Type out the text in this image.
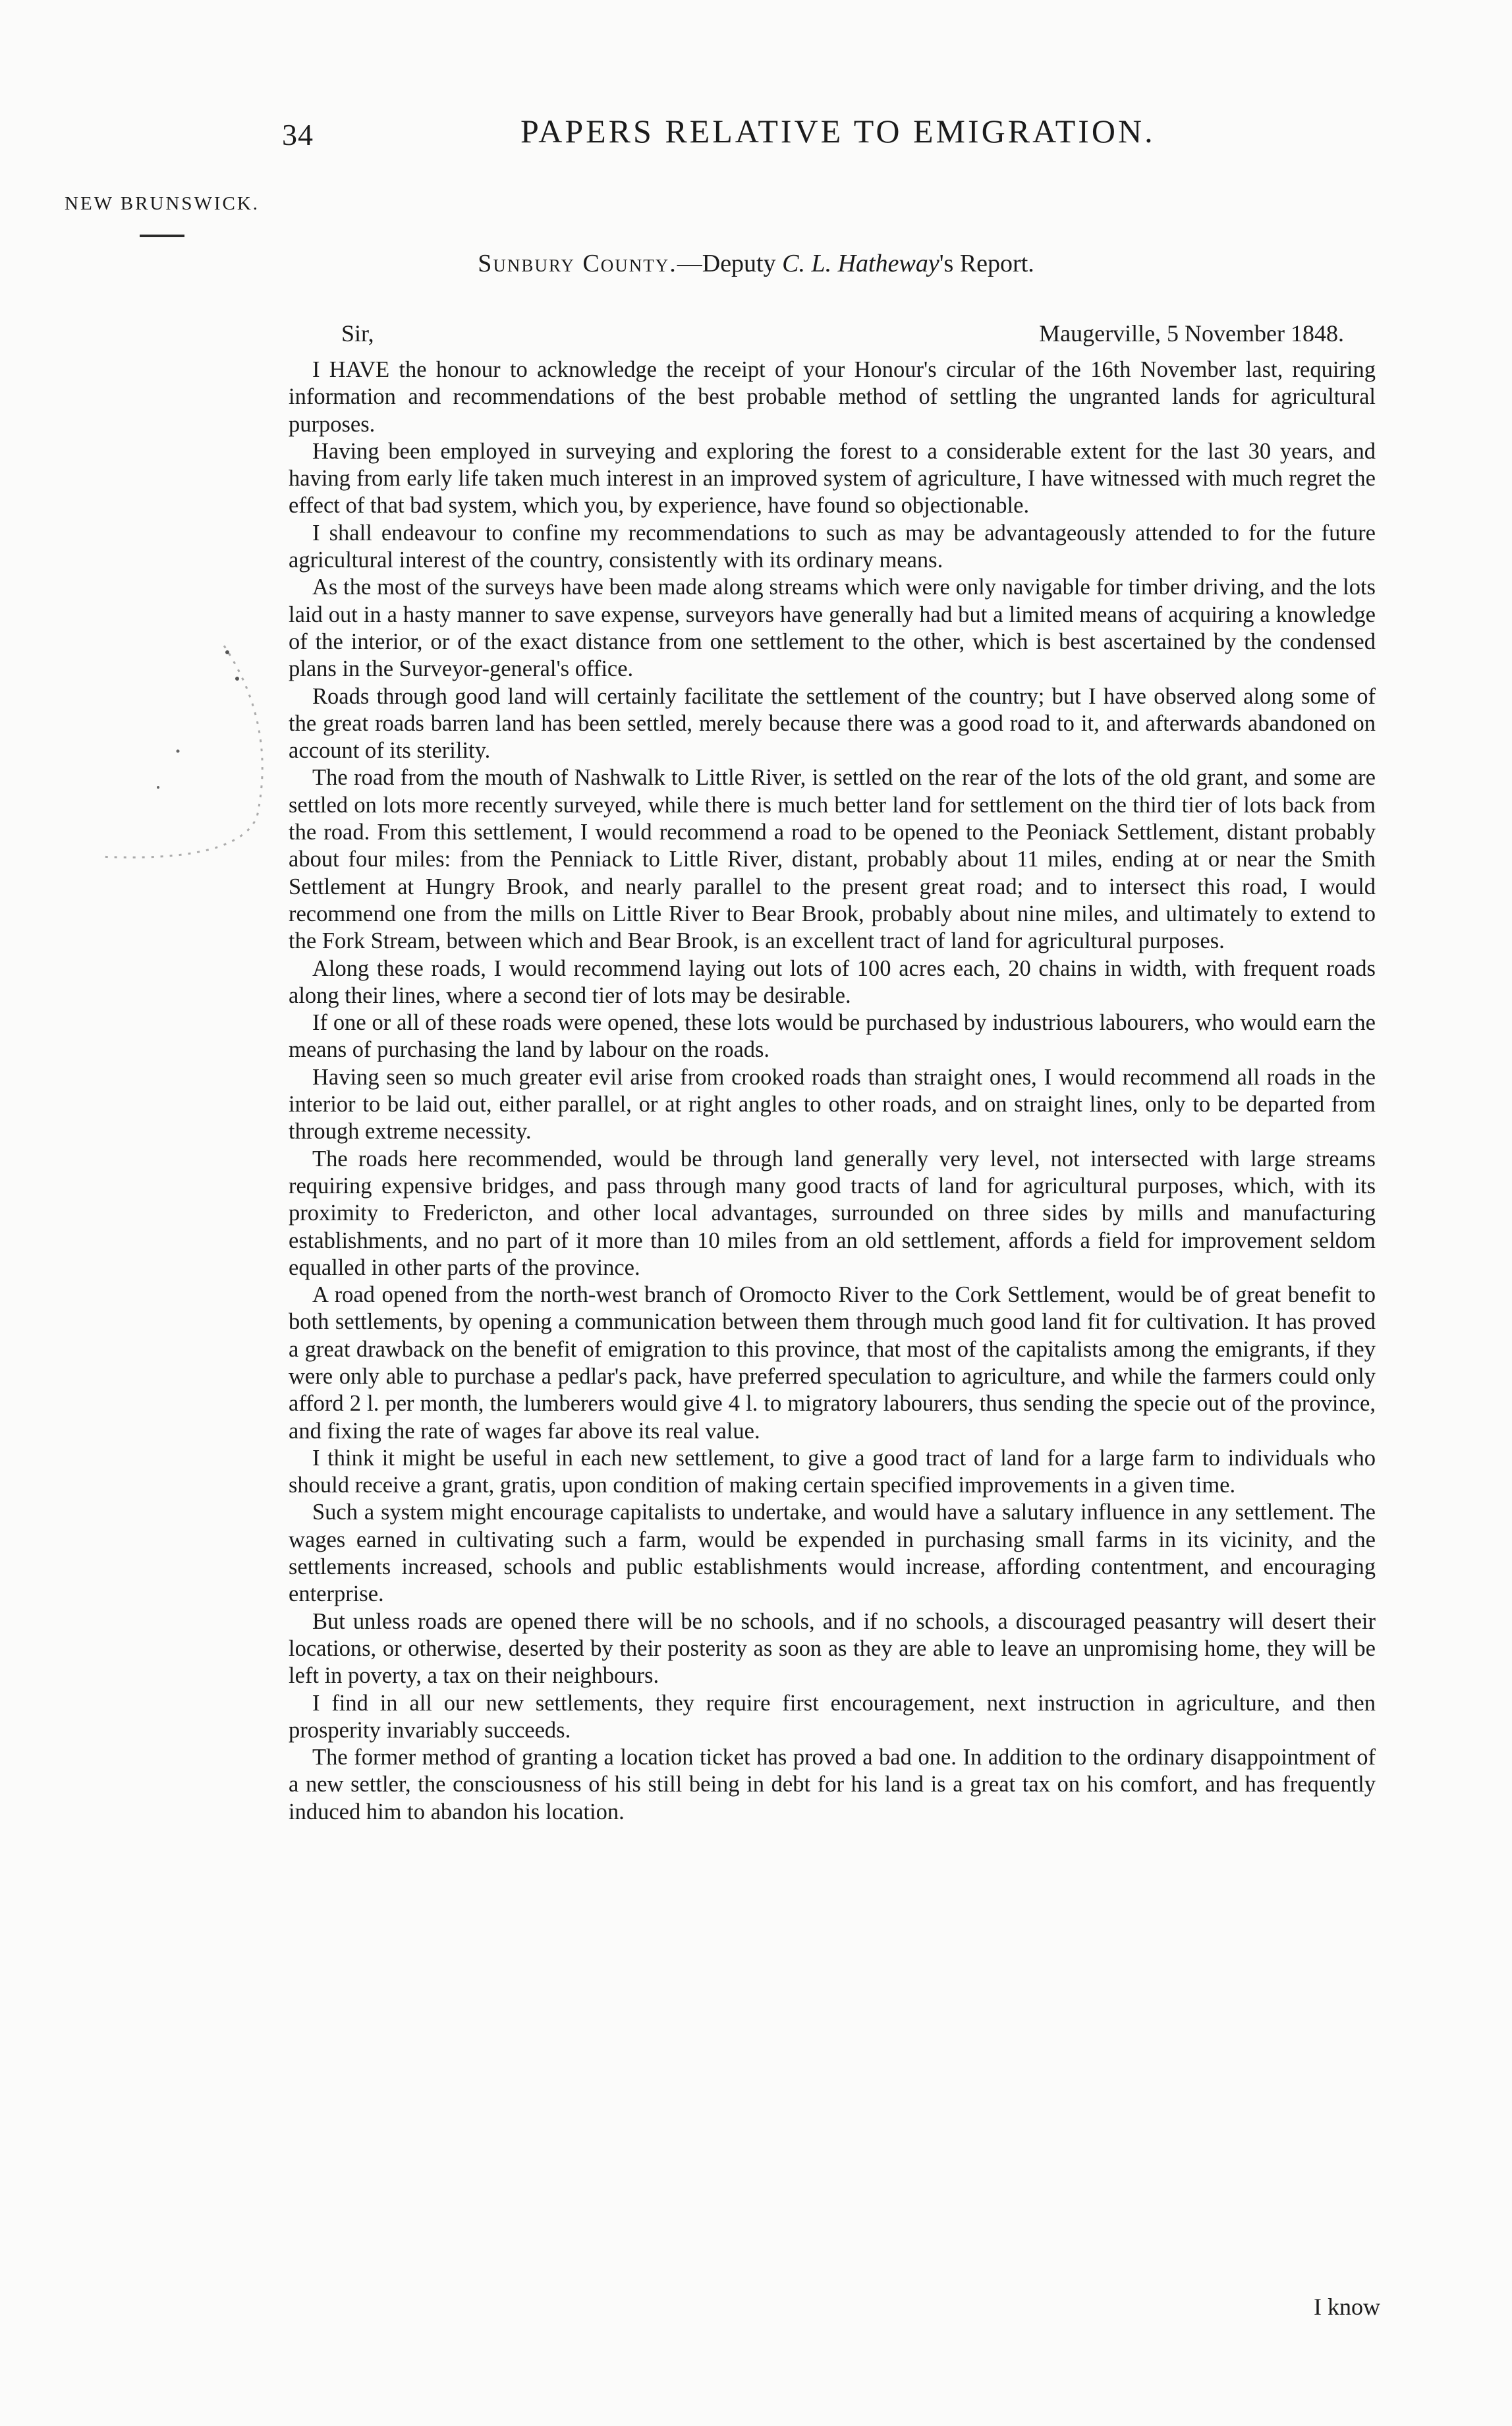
34	PAPERS RELATIVE TO EMIGRATION.
NEW BRUNSWICK.
Sunbury County.—Deputy C. L. Hatheway's Report.
Sir,	Maugerville, 5 November 1848.

I HAVE the honour to acknowledge the receipt of your Honour's circular of the 16th November last, requiring information and recommendations of the best probable method of settling the ungranted lands for agricultural purposes.

Having been employed in surveying and exploring the forest to a considerable extent for the last 30 years, and having from early life taken much interest in an improved system of agriculture, I have witnessed with much regret the effect of that bad system, which you, by experience, have found so objectionable.

I shall endeavour to confine my recommendations to such as may be advantageously attended to for the future agricultural interest of the country, consistently with its ordinary means.

As the most of the surveys have been made along streams which were only navigable for timber driving, and the lots laid out in a hasty manner to save expense, surveyors have generally had but a limited means of acquiring a knowledge of the interior, or of the exact distance from one settlement to the other, which is best ascertained by the condensed plans in the Surveyor-general's office.

Roads through good land will certainly facilitate the settlement of the country; but I have observed along some of the great roads barren land has been settled, merely because there was a good road to it, and afterwards abandoned on account of its sterility.

The road from the mouth of Nashwalk to Little River, is settled on the rear of the lots of the old grant, and some are settled on lots more recently surveyed, while there is much better land for settlement on the third tier of lots back from the road. From this settlement, I would recommend a road to be opened to the Peoniack Settlement, distant probably about four miles: from the Penniack to Little River, distant, probably about 11 miles, ending at or near the Smith Settlement at Hungry Brook, and nearly parallel to the present great road; and to intersect this road, I would recommend one from the mills on Little River to Bear Brook, probably about nine miles, and ultimately to extend to the Fork Stream, between which and Bear Brook, is an excellent tract of land for agricultural purposes.

Along these roads, I would recommend laying out lots of 100 acres each, 20 chains in width, with frequent roads along their lines, where a second tier of lots may be desirable.

If one or all of these roads were opened, these lots would be purchased by industrious labourers, who would earn the means of purchasing the land by labour on the roads.

Having seen so much greater evil arise from crooked roads than straight ones, I would recommend all roads in the interior to be laid out, either parallel, or at right angles to other roads, and on straight lines, only to be departed from through extreme necessity.

The roads here recommended, would be through land generally very level, not intersected with large streams requiring expensive bridges, and pass through many good tracts of land for agricultural purposes, which, with its proximity to Fredericton, and other local advantages, surrounded on three sides by mills and manufacturing establishments, and no part of it more than 10 miles from an old settlement, affords a field for improvement seldom equalled in other parts of the province.

A road opened from the north-west branch of Oromocto River to the Cork Settlement, would be of great benefit to both settlements, by opening a communication between them through much good land fit for cultivation. It has proved a great drawback on the benefit of emigration to this province, that most of the capitalists among the emigrants, if they were only able to purchase a pedlar's pack, have preferred speculation to agriculture, and while the farmers could only afford 2 l. per month, the lumberers would give 4 l. to migratory labourers, thus sending the specie out of the province, and fixing the rate of wages far above its real value.

I think it might be useful in each new settlement, to give a good tract of land for a large farm to individuals who should receive a grant, gratis, upon condition of making certain specified improvements in a given time.

Such a system might encourage capitalists to undertake, and would have a salutary influence in any settlement. The wages earned in cultivating such a farm, would be expended in purchasing small farms in its vicinity, and the settlements increased, schools and public establishments would increase, affording contentment, and encouraging enterprise.

But unless roads are opened there will be no schools, and if no schools, a discouraged peasantry will desert their locations, or otherwise, deserted by their posterity as soon as they are able to leave an unpromising home, they will be left in poverty, a tax on their neighbours.

I find in all our new settlements, they require first encouragement, next instruction in agriculture, and then prosperity invariably succeeds.

The former method of granting a location ticket has proved a bad one. In addition to the ordinary disappointment of a new settler, the consciousness of his still being in debt for his land is a great tax on his comfort, and has frequently induced him to abandon his location.

I know
